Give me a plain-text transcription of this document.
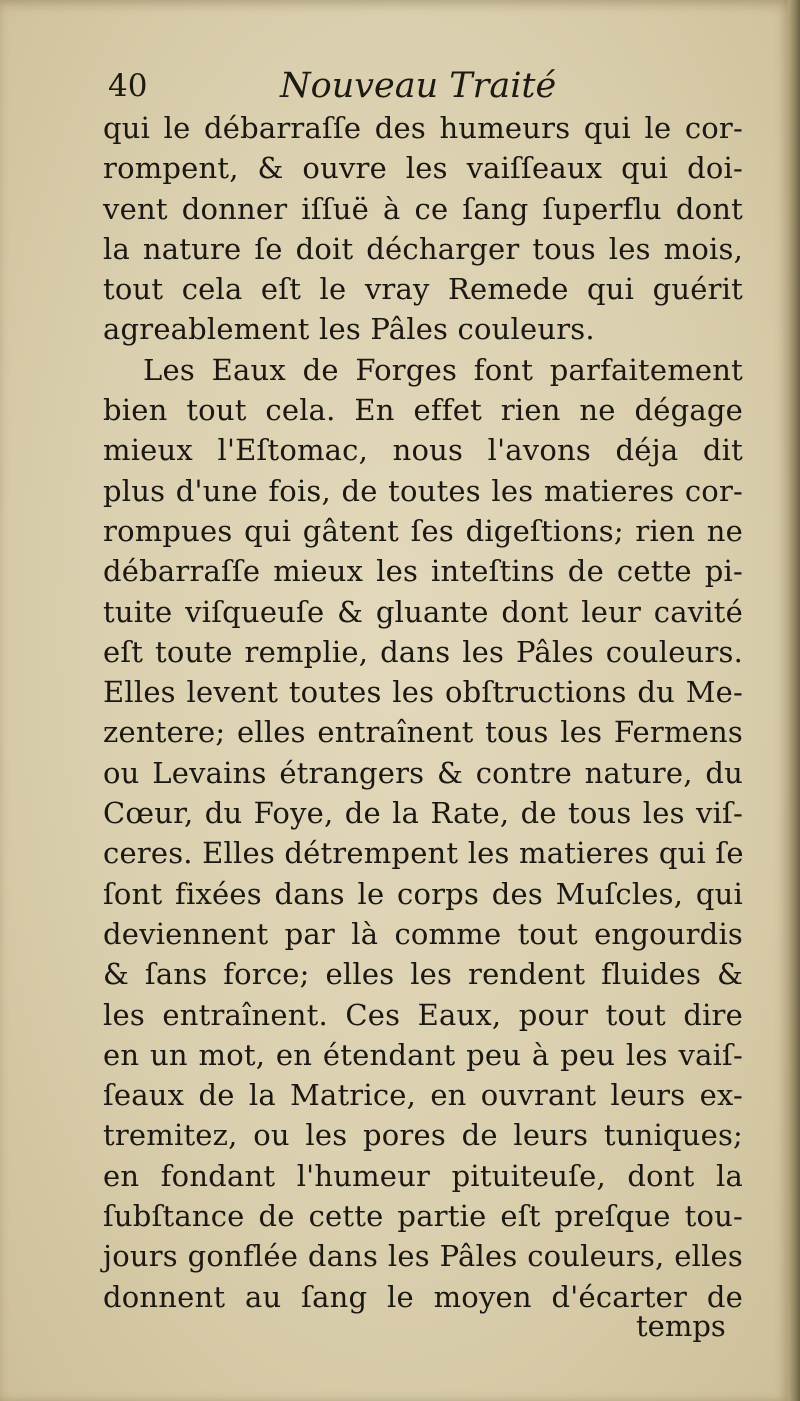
40	Nouveau Traité
qui le débarraſſe des humeurs qui le cor-
rompent, & ouvre les vaiſſeaux qui doi-
vent donner iſſuë à ce ſang ſuperflu dont
la nature ſe doit décharger tous les mois,
tout cela eſt le vray Remede qui guérit
agreablement les Pâles couleurs.
Les Eaux de Forges font parfaitement
bien tout cela. En effet rien ne dégage
mieux l'Eſtomac, nous l'avons déja dit
plus d'une fois, de toutes les matieres cor-
rompues qui gâtent ſes digeſtions; rien ne
débarraſſe mieux les inteſtins de cette pi-
tuite viſqueuſe & gluante dont leur cavité
eſt toute remplie, dans les Pâles couleurs.
Elles levent toutes les obſtructions du Me-
zentere; elles entraînent tous les Fermens
ou Levains étrangers & contre nature, du
Cœur, du Foye, de la Rate, de tous les viſ-
ceres. Elles détrempent les matieres qui ſe
ſont fixées dans le corps des Muſcles, qui
deviennent par là comme tout engourdis
& ſans force; elles les rendent fluides &
les entraînent. Ces Eaux, pour tout dire
en un mot, en étendant peu à peu les vaiſ-
ſeaux de la Matrice, en ouvrant leurs ex-
tremitez, ou les pores de leurs tuniques;
en fondant l'humeur pituiteuſe, dont la
ſubſtance de cette partie eſt preſque tou-
jours gonflée dans les Pâles couleurs, elles
donnent au ſang le moyen d'écarter de
temps
